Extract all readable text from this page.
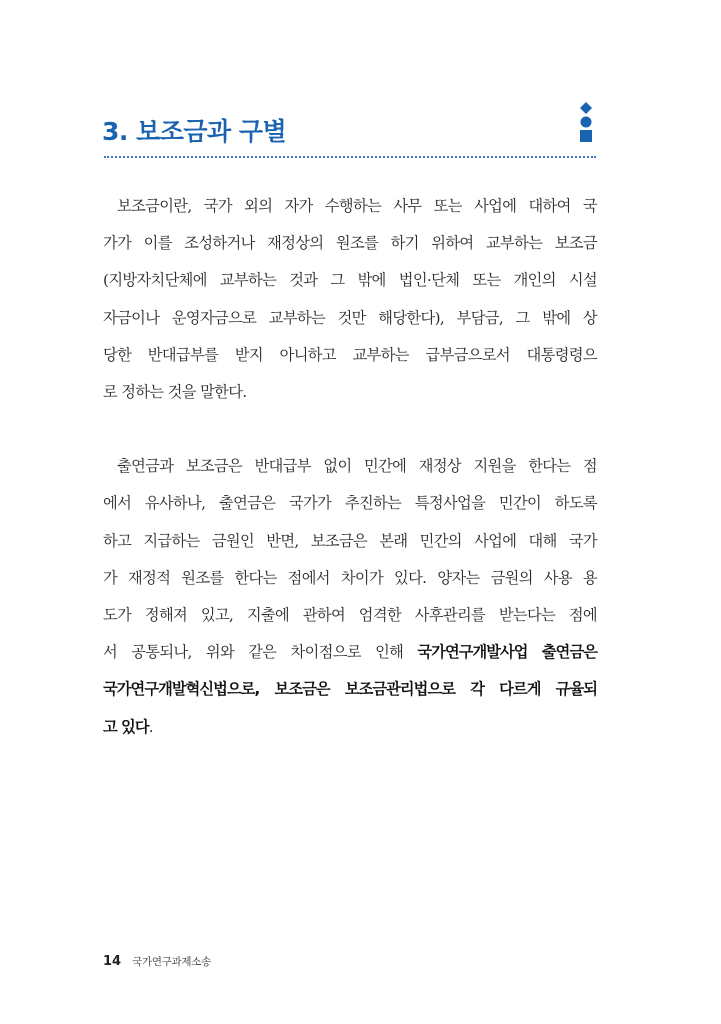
3. 보조금과 구별

보조금이란, 국가 외의 자가 수행하는 사무 또는 사업에 대하여 국
가가 이를 조성하거나 재정상의 원조를 하기 위하여 교부하는 보조금
(지방자치단체에 교부하는 것과 그 밖에 법인·단체 또는 개인의 시설
자금이나 운영자금으로 교부하는 것만 해당한다), 부담금, 그 밖에 상
당한 반대급부를 받지 아니하고 교부하는 급부금으로서 대통령령으
로 정하는 것을 말한다.

출연금과 보조금은 반대급부 없이 민간에 재정상 지원을 한다는 점
에서 유사하나, 출연금은 국가가 추진하는 특정사업을 민간이 하도록
하고 지급하는 금원인 반면, 보조금은 본래 민간의 사업에 대해 국가
가 재정적 원조를 한다는 점에서 차이가 있다. 양자는 금원의 사용 용
도가 정해져 있고, 지출에 관하여 엄격한 사후관리를 받는다는 점에
서 공통되나, 위와 같은 차이점으로 인해 국가연구개발사업 출연금은
국가연구개발혁신법으로, 보조금은 보조금관리법으로 각 다르게 규율되
고 있다.

14 국가연구과제소송
